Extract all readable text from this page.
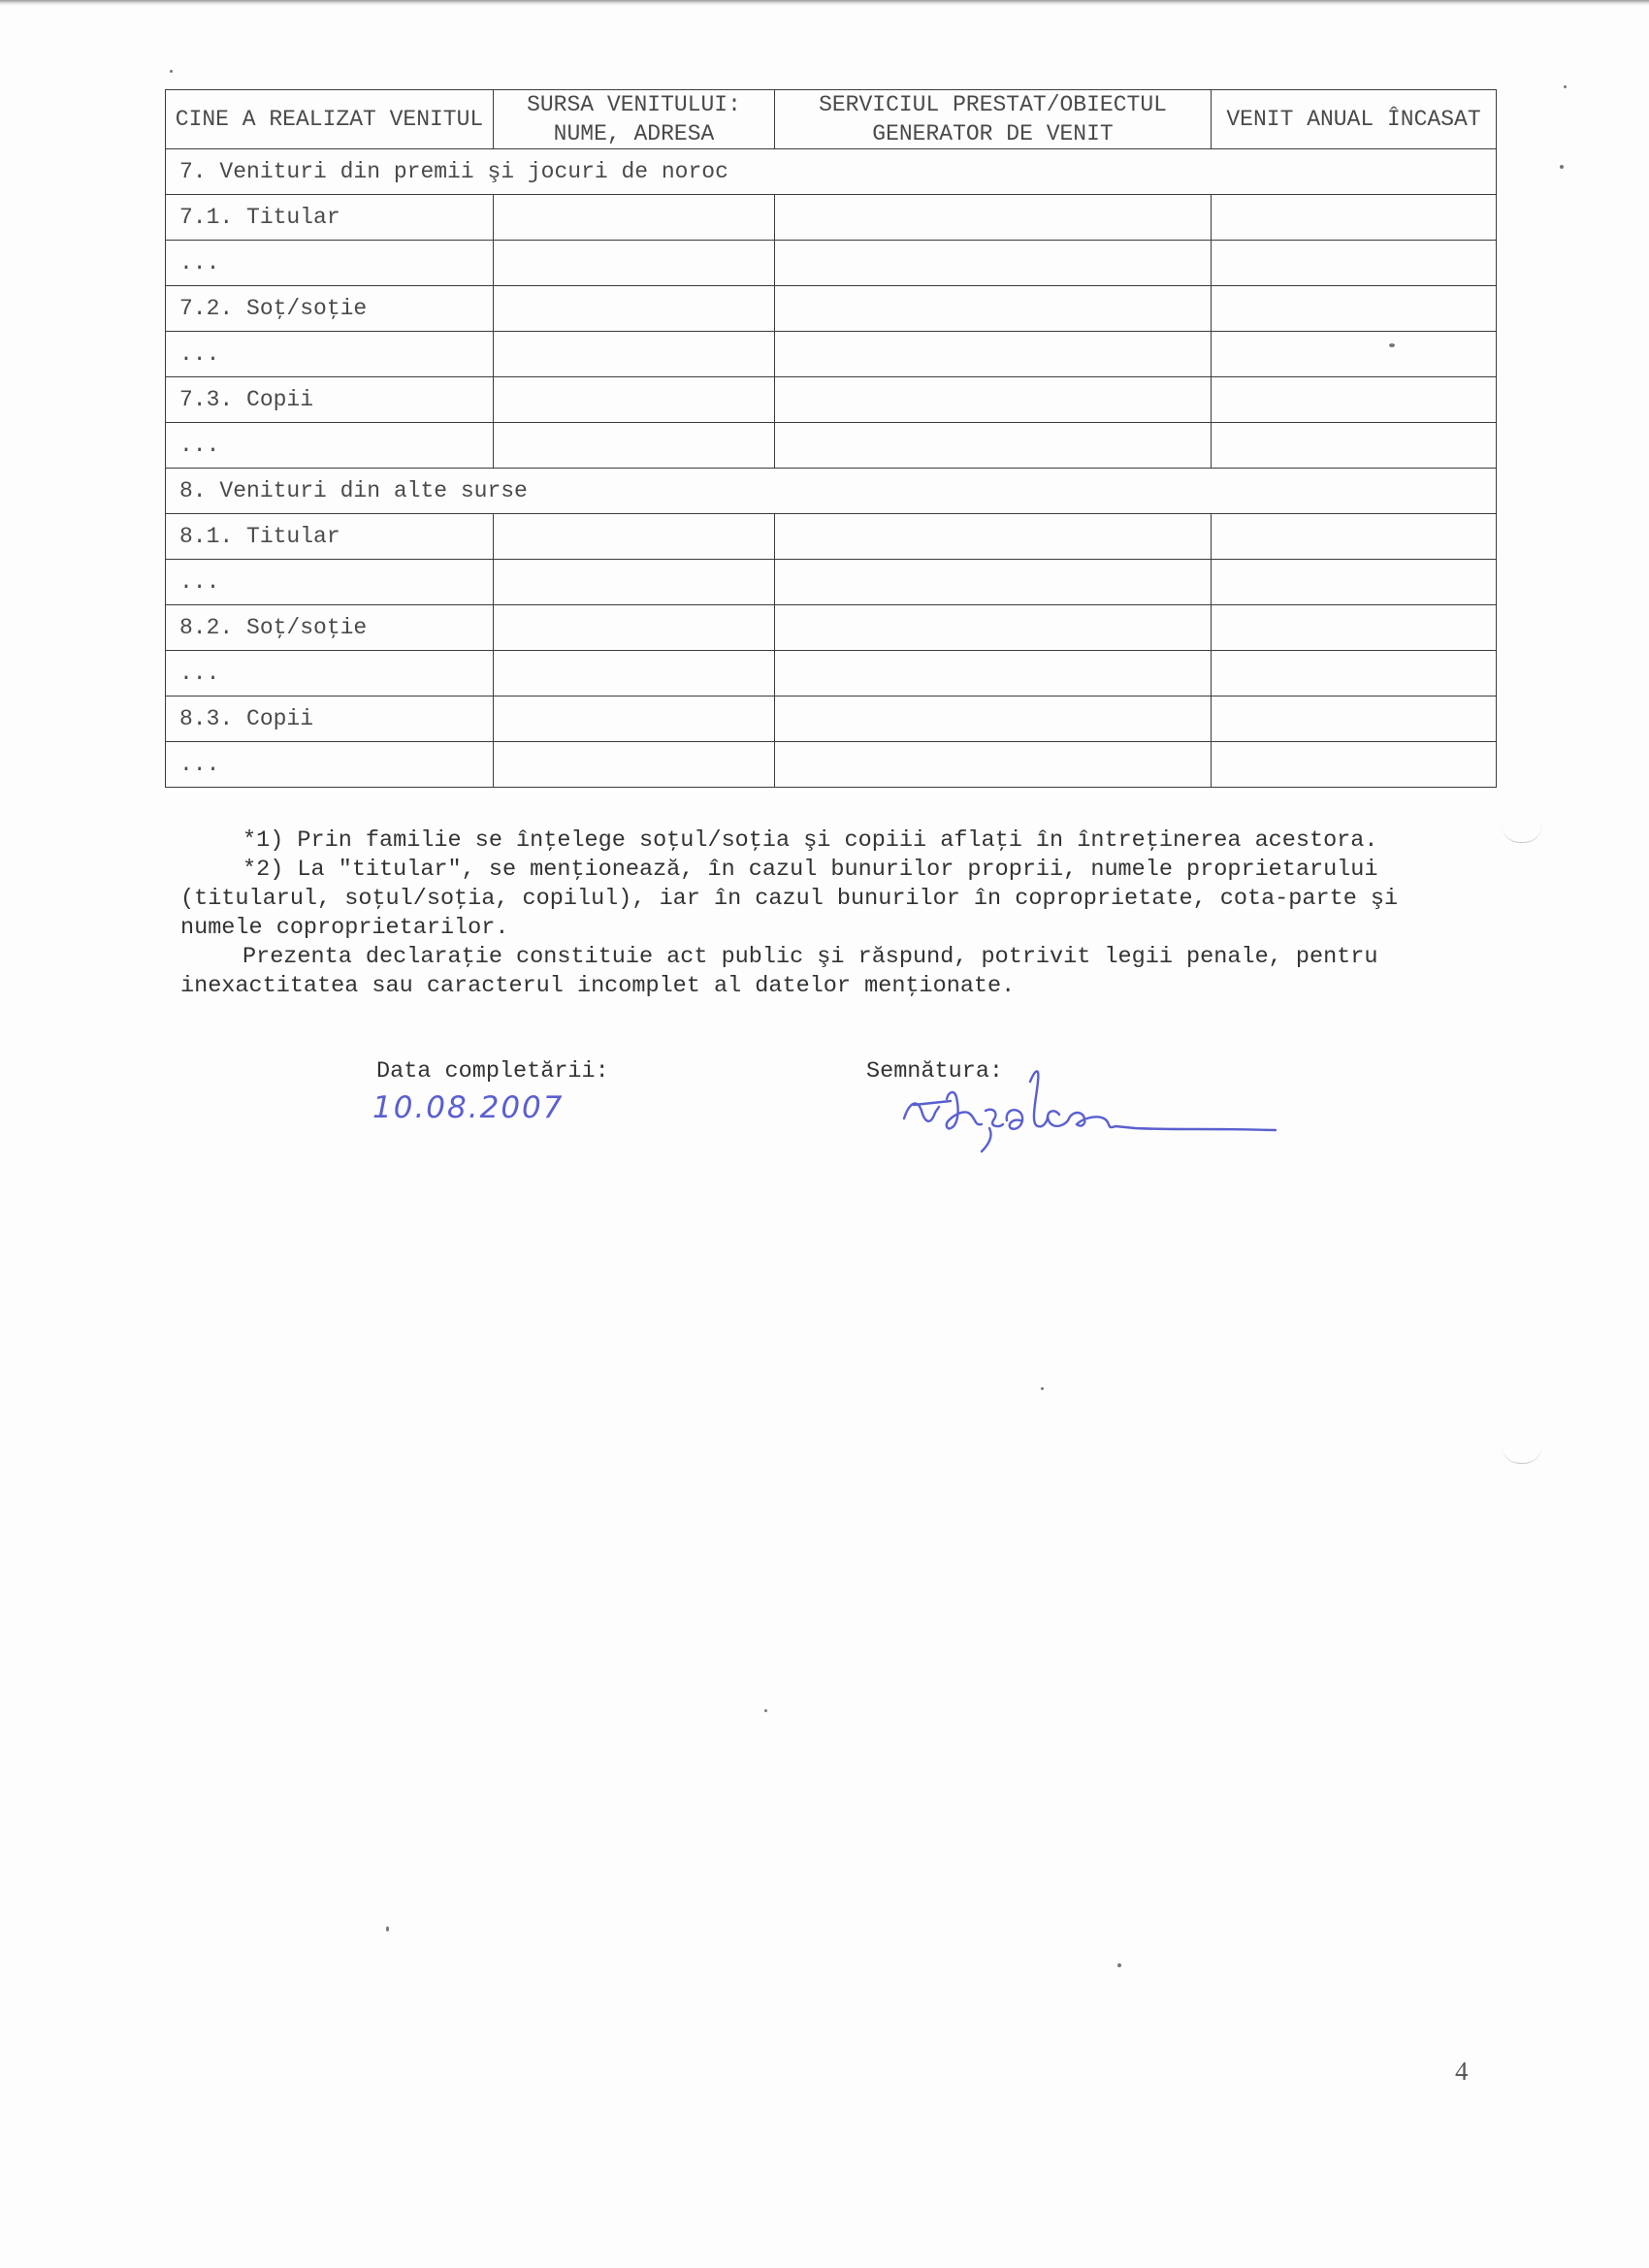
CINE A REALIZAT VENITUL	SURSA VENITULUI: NUME, ADRESA	SERVICIUL PRESTAT/OBIECTUL GENERATOR DE VENIT	VENIT ANUAL ÎNCASAT
7. Venituri din premii şi jocuri de noroc			
7.1. Titular			
...			
7.2. Soţ/soţie			
...			
7.3. Copii			
...			
8. Venituri din alte surse			
8.1. Titular			
...			
8.2. Soţ/soţie			
...			
8.3. Copii			
...			

*1) Prin familie se înţelege soţul/soţia şi copiii aflaţi în întreţinerea acestora.

*2) La "titular", se menţionează, în cazul bunurilor proprii, numele proprietarului (titularul, soţul/soţia, copilul), iar în cazul bunurilor în coproprietate, cota-parte şi numele coproprietarilor.

Prezenta declaraţie constituie act public şi răspund, potrivit legii penale, pentru inexactitatea sau caracterul incomplet al datelor menţionate.

Data completării:
10.08.2007
Semnătura:
4
